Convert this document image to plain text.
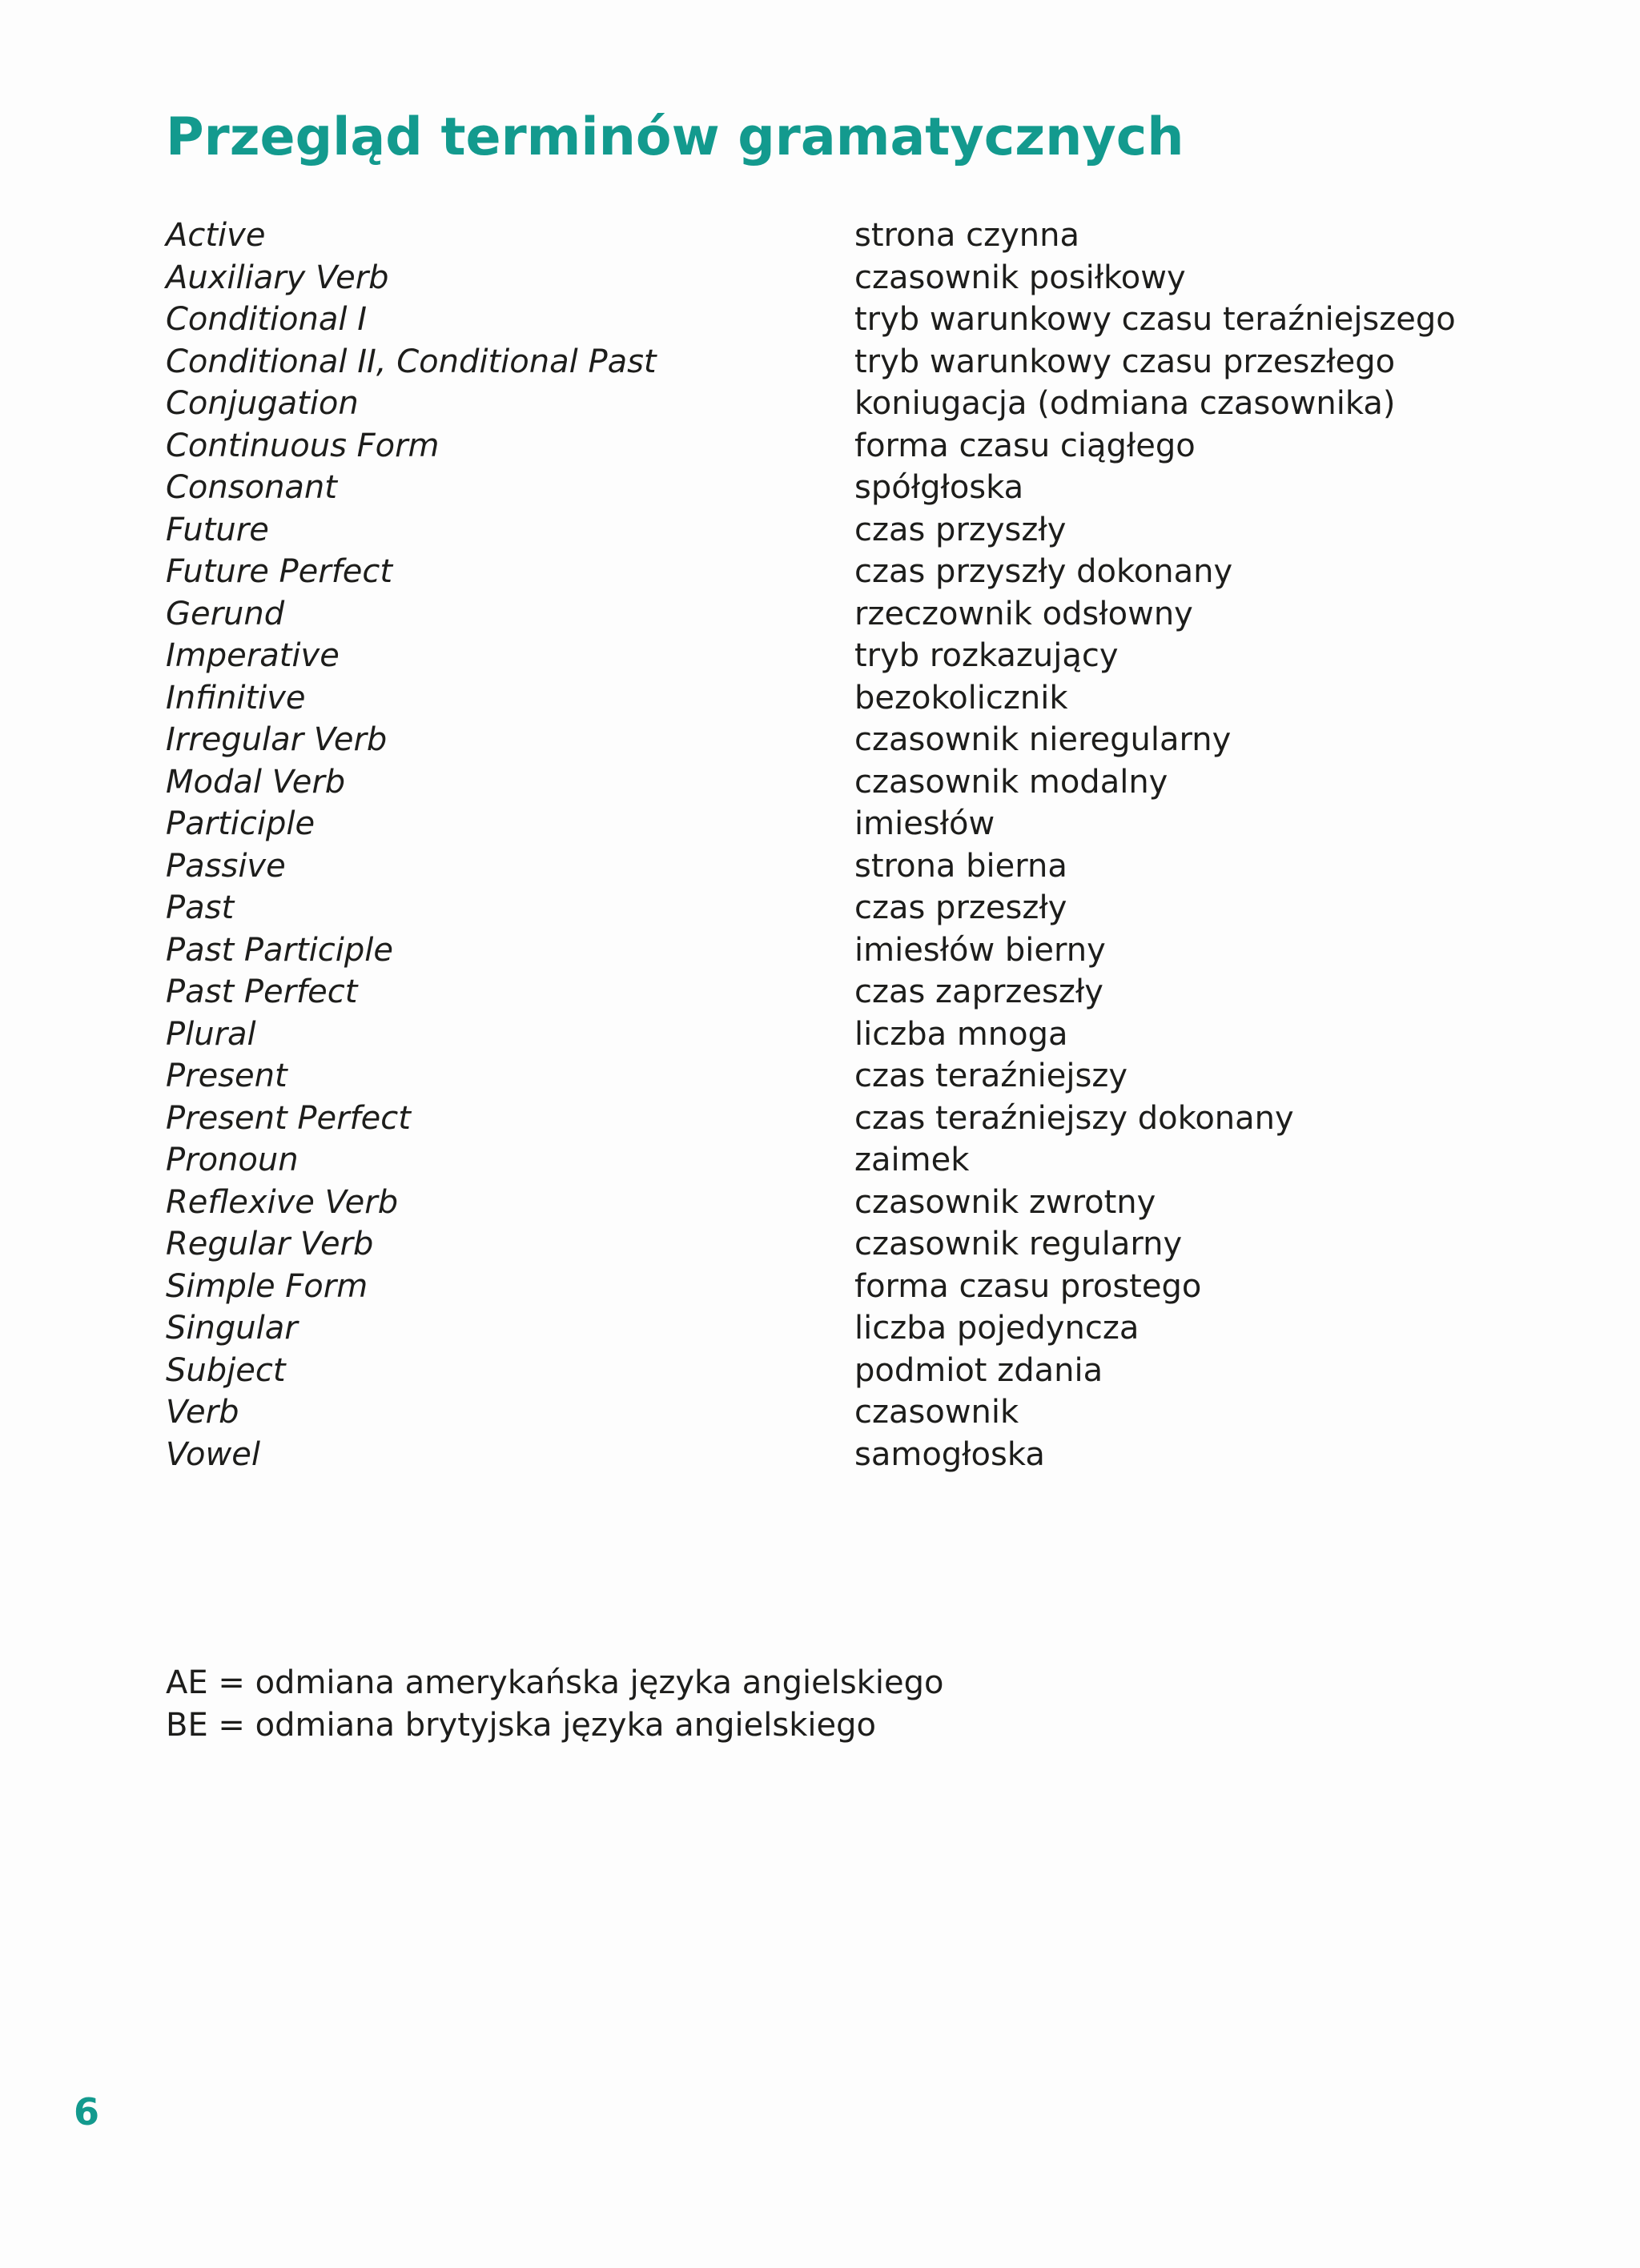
Przegląd terminów gramatycznych
Active
Auxiliary Verb
Conditional I
Conditional II, Conditional Past
Conjugation
Continuous Form
Consonant
Future
Future Perfect
Gerund
Imperative
Infinitive
Irregular Verb
Modal Verb
Participle
Passive
Past
Past Participle
Past Perfect
Plural
Present
Present Perfect
Pronoun
Reflexive Verb
Regular Verb
Simple Form
Singular
Subject
Verb
Vowel
strona czynna
czasownik posiłkowy
tryb warunkowy czasu teraźniejszego
tryb warunkowy czasu przeszłego
koniugacja (odmiana czasownika)
forma czasu ciągłego
spółgłoska
czas przyszły
czas przyszły dokonany
rzeczownik odsłowny
tryb rozkazujący
bezokolicznik
czasownik nieregularny
czasownik modalny
imiesłów
strona bierna
czas przeszły
imiesłów bierny
czas zaprzeszły
liczba mnoga
czas teraźniejszy
czas teraźniejszy dokonany
zaimek
czasownik zwrotny
czasownik regularny
forma czasu prostego
liczba pojedyncza
podmiot zdania
czasownik
samogłoska
AE = odmiana amerykańska języka angielskiego
BE = odmiana brytyjska języka angielskiego
6
